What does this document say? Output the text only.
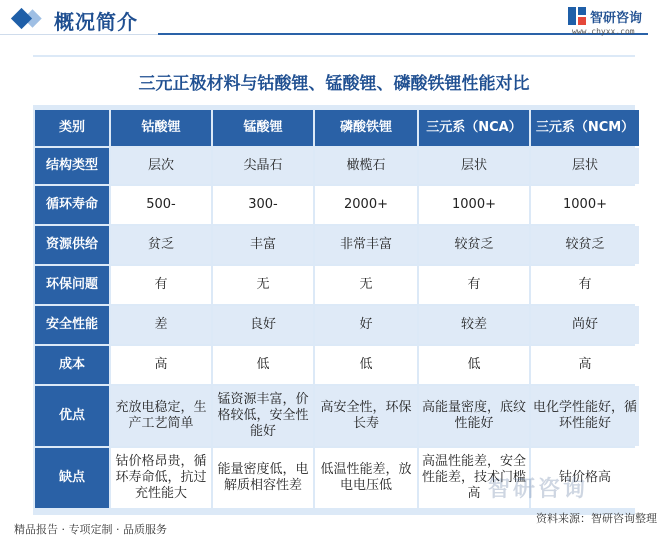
概况简介	智研咨询
www.chyxx.com
三元正极材料与钴酸锂、锰酸锂、磷酸铁锂性能对比
类别	钴酸锂	锰酸锂	磷酸铁锂	三元系（NCA）	三元系（NCM）
结构类型	层次	尖晶石	橄榄石	层状	层状
循环寿命	500-	300-	2000+	1000+	1000+
资源供给	贫乏	丰富	非常丰富	较贫乏	较贫乏
环保问题	有	无	无	有	有
安全性能	差	良好	好	较差	尚好
成本	高	低	低	低	高
优点	充放电稳定，生产工艺简单	锰资源丰富，价格较低，安全性能好	高安全性，环保长寿	高能量密度，底纹性能好	电化学性能好，循环性能好
缺点	钴价格昂贵，循环寿命低，抗过充性能大	能量密度低，电解质相容性差	低温性能差，放电电压低	高温性能差，安全性能差，技术门槛高	钴价格高
智研咨询
精品报告 · 专项定制 · 品质服务
资料来源：智研咨询整理
